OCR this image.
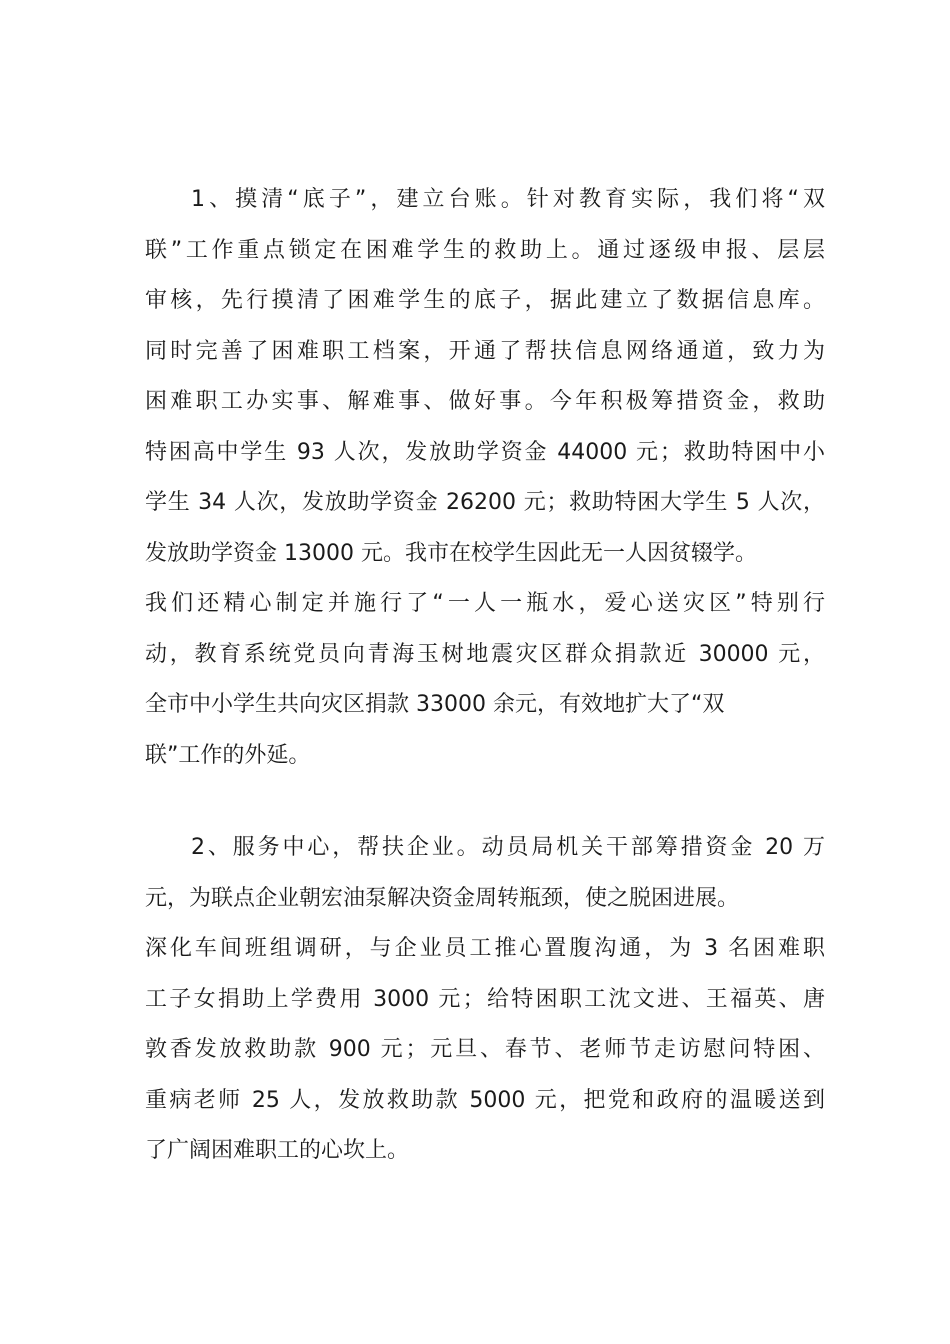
1、摸清“底子”，建立台账。针对教育实际，我们将“双
联”工作重点锁定在困难学生的救助上。通过逐级申报、层层
审核，先行摸清了困难学生的底子，据此建立了数据信息库。
同时完善了困难职工档案，开通了帮扶信息网络通道，致力为
困难职工办实事、解难事、做好事。今年积极筹措资金，救助
特困高中学生 93 人次，发放助学资金 44000 元；救助特困中小
学生 34 人次，发放助学资金 26200 元；救助特困大学生 5 人次，
发放助学资金 13000 元。我市在校学生因此无一人因贫辍学。
我们还精心制定并施行了“一人一瓶水，爱心送灾区”特别行
动，教育系统党员向青海玉树地震灾区群众捐款近 30000 元，
全市中小学生共向灾区捐款 33000 余元，有效地扩大了“双
联”工作的外延。
2、服务中心，帮扶企业。动员局机关干部筹措资金 20 万
元，为联点企业朝宏油泵解决资金周转瓶颈，使之脱困进展。
深化车间班组调研，与企业员工推心置腹沟通，为 3 名困难职
工子女捐助上学费用 3000 元；给特困职工沈文进、王福英、唐
敦香发放救助款 900 元；元旦、春节、老师节走访慰问特困、
重病老师 25 人，发放救助款 5000 元，把党和政府的温暖送到
了广阔困难职工的心坎上。
